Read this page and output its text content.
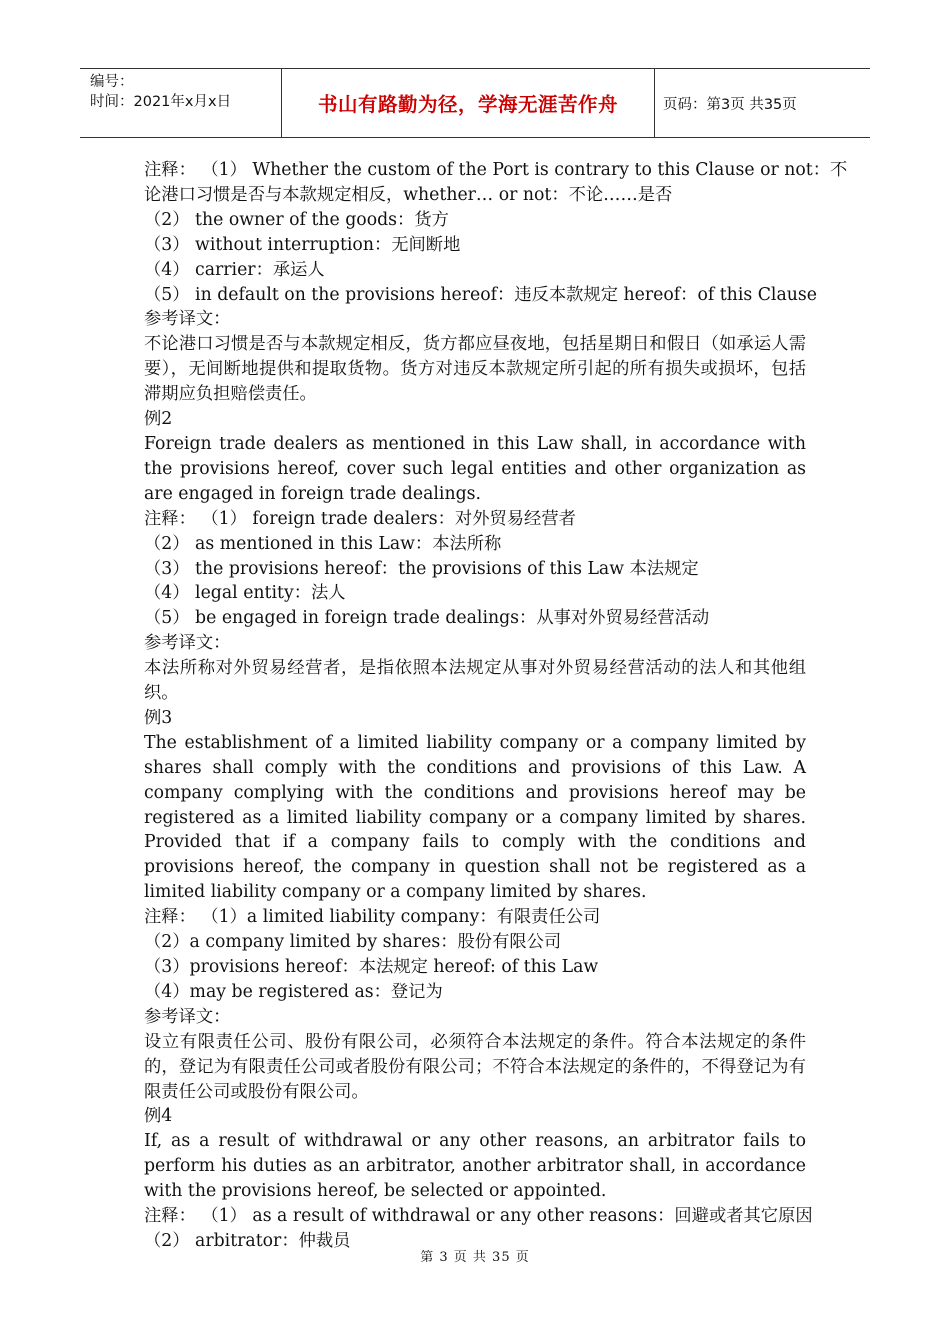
编号：
时间：2021年x月x日	书山有路勤为径，学海无涯苦作舟	页码：第3页 共35页

注释： （1） Whether the custom of the Port is contrary to this Clause or not：不

论港口习惯是否与本款规定相反，whether… or not：不论……是否

（2） the owner of the goods：货方

（3） without interruption：无间断地

（4） carrier：承运人

（5） in default on the provisions hereof：违反本款规定 hereof：of this Clause

参考译文：

不论港口习惯是否与本款规定相反，货方都应昼夜地，包括星期日和假日（如承运人需要），无间断地提供和提取货物。货方对违反本款规定所引起的所有损失或损坏，包括滞期应负担赔偿责任。

例2

Foreign trade dealers as mentioned in this Law shall, in accordance with the provisions hereof, cover such legal entities and other organization as are engaged in foreign trade dealings.

注释： （1） foreign trade dealers：对外贸易经营者

（2） as mentioned in this Law：本法所称

（3） the provisions hereof：the provisions of this Law 本法规定

（4） legal entity：法人

（5） be engaged in foreign trade dealings：从事对外贸易经营活动

参考译文：

本法所称对外贸易经营者，是指依照本法规定从事对外贸易经营活动的法人和其他组织。

例3

The establishment of a limited liability company or a company limited by shares shall comply with the conditions and provisions of this Law. A company complying with the conditions and provisions hereof may be registered as a limited liability company or a company limited by shares. Provided that if a company fails to comply with the conditions and provisions hereof, the company in question shall not be registered as a limited liability company or a company limited by shares.

注释： （1）a limited liability company：有限责任公司

（2）a company limited by shares：股份有限公司

（3）provisions hereof：本法规定 hereof: of this Law

（4）may be registered as：登记为

参考译文：

设立有限责任公司、股份有限公司，必须符合本法规定的条件。符合本法规定的条件的，登记为有限责任公司或者股份有限公司；不符合本法规定的条件的，不得登记为有限责任公司或股份有限公司。

例4

If, as a result of withdrawal or any other reasons, an arbitrator fails to perform his duties as an arbitrator, another arbitrator shall, in accordance with the provisions hereof, be selected or appointed.

注释： （1） as a result of withdrawal or any other reasons：回避或者其它原因

（2） arbitrator：仲裁员

第 3 页 共 35 页
